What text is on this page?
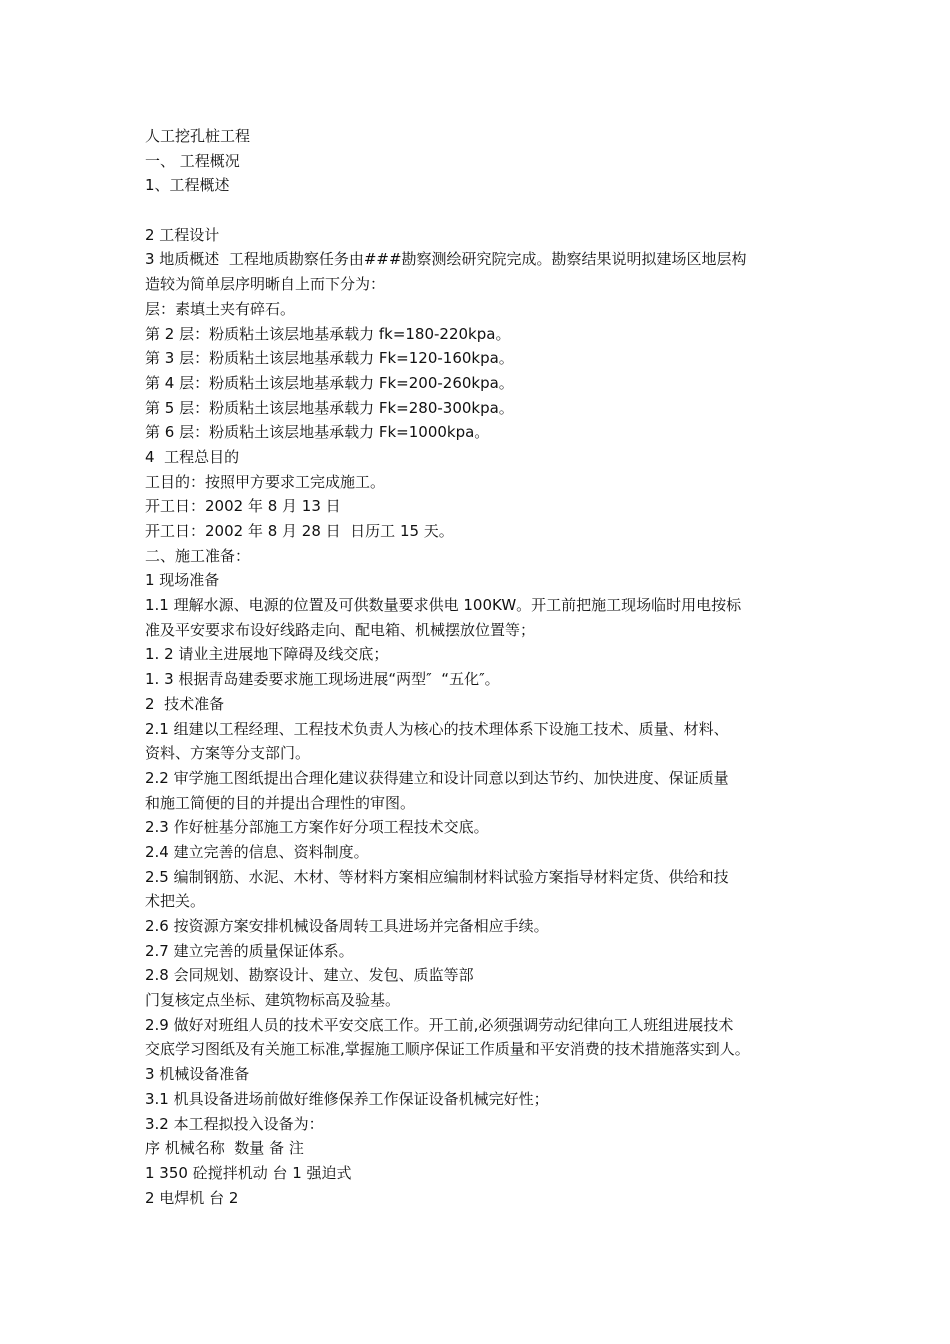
人工挖孔桩工程
一、 工程概况
1、工程概述
2 工程设计
3 地质概述  工程地质勘察任务由###勘察测绘研究院完成。勘察结果说明拟建场区地层构
造较为简单层序明晰自上而下分为：
层：素填土夹有碎石。
第 2 层：粉质粘土该层地基承载力 fk=180-220kpa。
第 3 层：粉质粘土该层地基承载力 Fk=120-160kpa。
第 4 层：粉质粘土该层地基承载力 Fk=200-260kpa。
第 5 层：粉质粘土该层地基承载力 Fk=280-300kpa。
第 6 层：粉质粘土该层地基承载力 Fk=1000kpa。
4  工程总目的
工目的：按照甲方要求工完成施工。
开工日：2002 年 8 月 13 日
开工日：2002 年 8 月 28 日  日历工 15 天。
二、施工准备：
1 现场准备
1.1 理解水源、电源的位置及可供数量要求供电 100KW。开工前把施工现场临时用电按标
准及平安要求布设好线路走向、配电箱、机械摆放位置等；
1. 2 请业主进展地下障碍及线交底；
1. 3 根据青岛建委要求施工现场进展“两型″  “五化″。
2  技术准备
2.1 组建以工程经理、工程技术负责人为核心的技术理体系下设施工技术、质量、材料、
资料、方案等分支部门。
2.2 审学施工图纸提出合理化建议获得建立和设计同意以到达节约、加快进度、保证质量
和施工简便的目的并提出合理性的审图。
2.3 作好桩基分部施工方案作好分项工程技术交底。
2.4 建立完善的信息、资料制度。
2.5 编制钢筋、水泥、木材、等材料方案相应编制材料试验方案指导材料定货、供给和技
术把关。
2.6 按资源方案安排机械设备周转工具进场并完备相应手续。
2.7 建立完善的质量保证体系。
2.8 会同规划、勘察设计、建立、发包、质监等部
门复核定点坐标、建筑物标高及验基。
2.9 做好对班组人员的技术平安交底工作。开工前,必须强调劳动纪律向工人班组进展技术
交底学习图纸及有关施工标准,掌握施工顺序保证工作质量和平安消费的技术措施落实到人。
3 机械设备准备
3.1 机具设备进场前做好维修保养工作保证设备机械完好性；
3.2 本工程拟投入设备为：
序 机械名称  数量 备 注
1 350 砼搅拌机动 台 1 强迫式
2 电焊机 台 2
